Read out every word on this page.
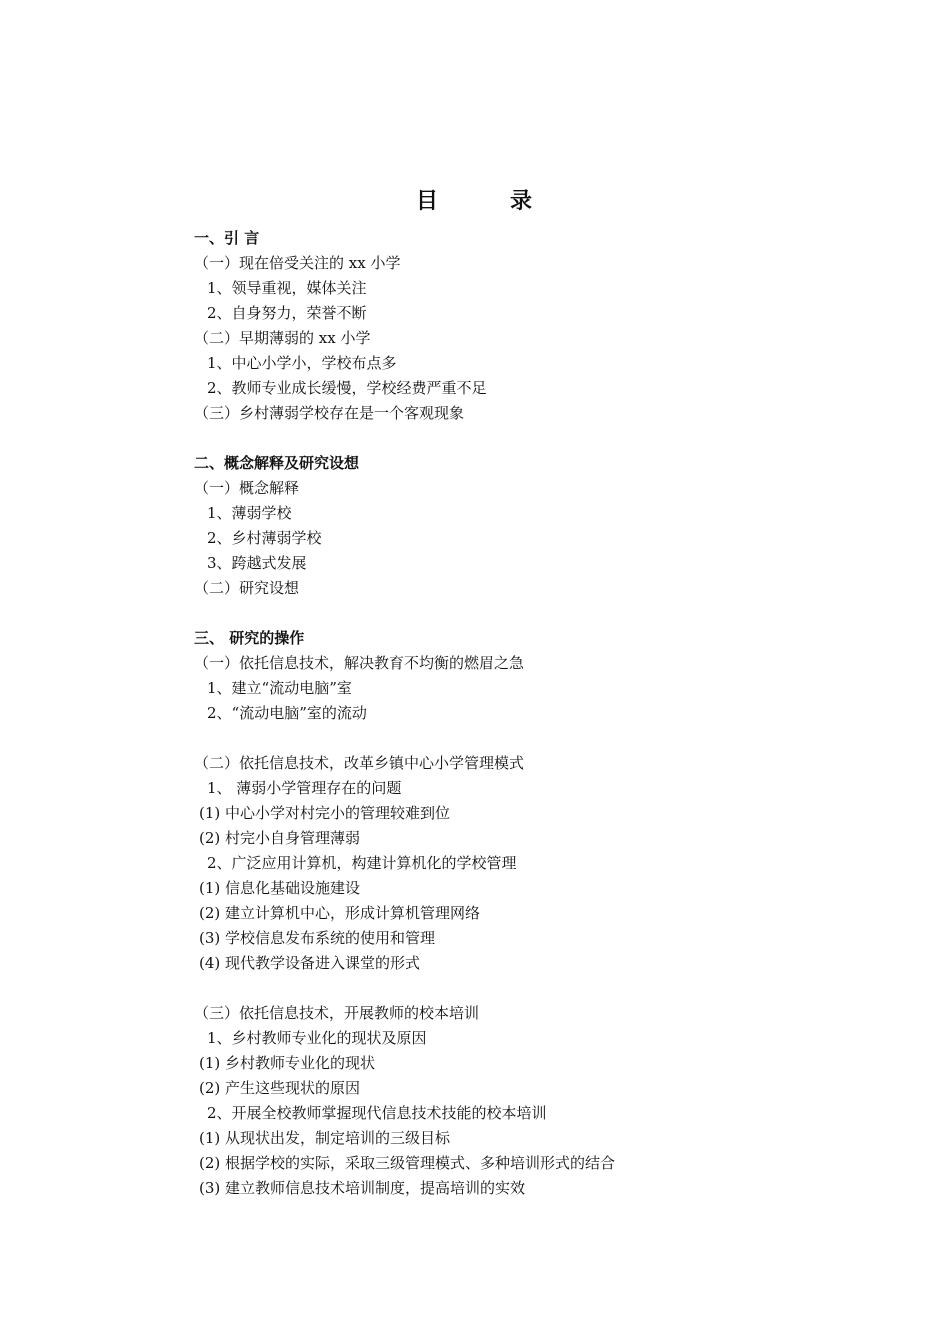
目	录
一、引 言
（一）现在倍受关注的 xx 小学
1、领导重视，媒体关注
2、自身努力，荣誉不断
（二）早期薄弱的 xx 小学
1、中心小学小，学校布点多
2、教师专业成长缓慢，学校经费严重不足
（三）乡村薄弱学校存在是一个客观现象
二、概念解释及研究设想
（一）概念解释
1、薄弱学校
2、乡村薄弱学校
3、跨越式发展
（二）研究设想
三、 研究的操作
（一）依托信息技术，解决教育不均衡的燃眉之急
1、建立“流动电脑”室
2、“流动电脑”室的流动
（二）依托信息技术，改革乡镇中心小学管理模式
1、 薄弱小学管理存在的问题
(1) 中心小学对村完小的管理较难到位
(2) 村完小自身管理薄弱
2、广泛应用计算机，构建计算机化的学校管理
(1) 信息化基础设施建设
(2) 建立计算机中心，形成计算机管理网络
(3) 学校信息发布系统的使用和管理
(4) 现代教学设备进入课堂的形式
（三）依托信息技术，开展教师的校本培训
1、乡村教师专业化的现状及原因
(1) 乡村教师专业化的现状
(2) 产生这些现状的原因
2、开展全校教师掌握现代信息技术技能的校本培训
(1) 从现状出发，制定培训的三级目标
(2) 根据学校的实际，采取三级管理模式、多种培训形式的结合
(3) 建立教师信息技术培训制度，提高培训的实效
